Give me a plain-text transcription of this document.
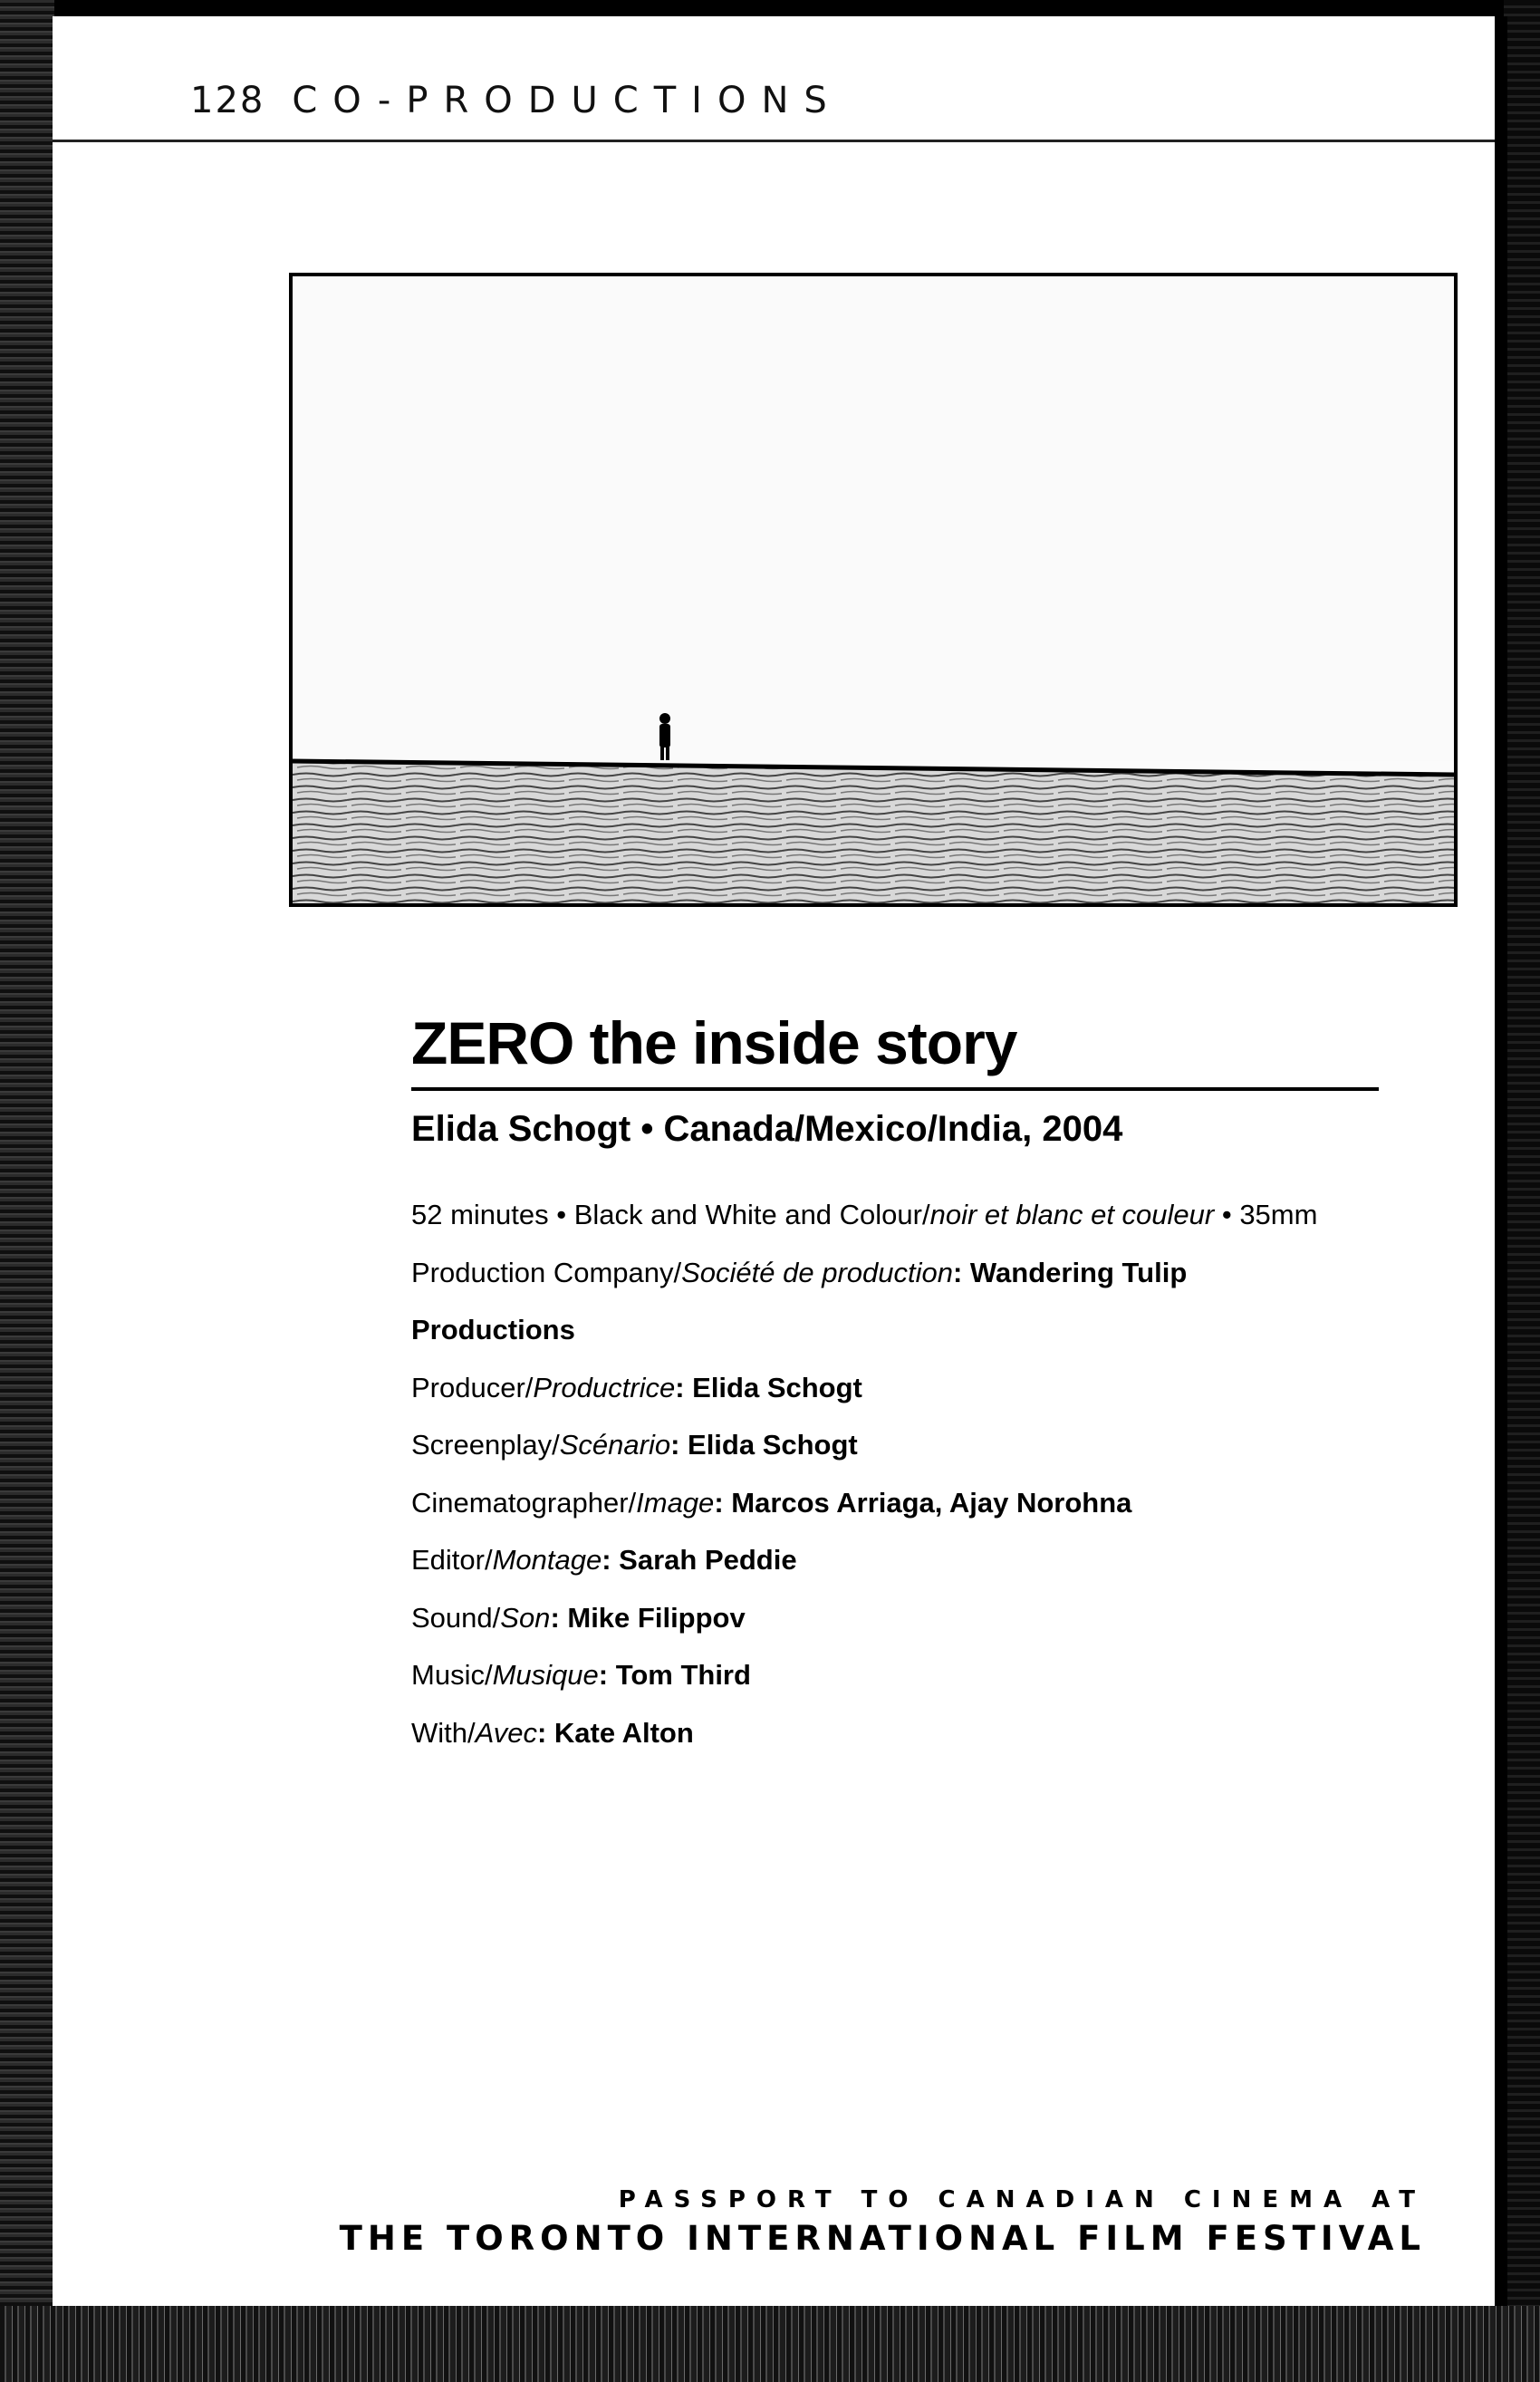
128 CO-PRODUCTIONS
ZERO the inside story
Elida Schogt • Canada/Mexico/India, 2004
52 minutes • Black and White and Colour/noir et blanc et couleur • 35mm
Production Company/Société de production: Wandering Tulip
Productions
Producer/Productrice: Elida Schogt
Screenplay/Scénario: Elida Schogt
Cinematographer/Image: Marcos Arriaga, Ajay Norohna
Editor/Montage: Sarah Peddie
Sound/Son: Mike Filippov
Music/Musique: Tom Third
With/Avec: Kate Alton
PASSPORT TO CANADIAN CINEMA AT
THE TORONTO INTERNATIONAL FILM FESTIVAL
